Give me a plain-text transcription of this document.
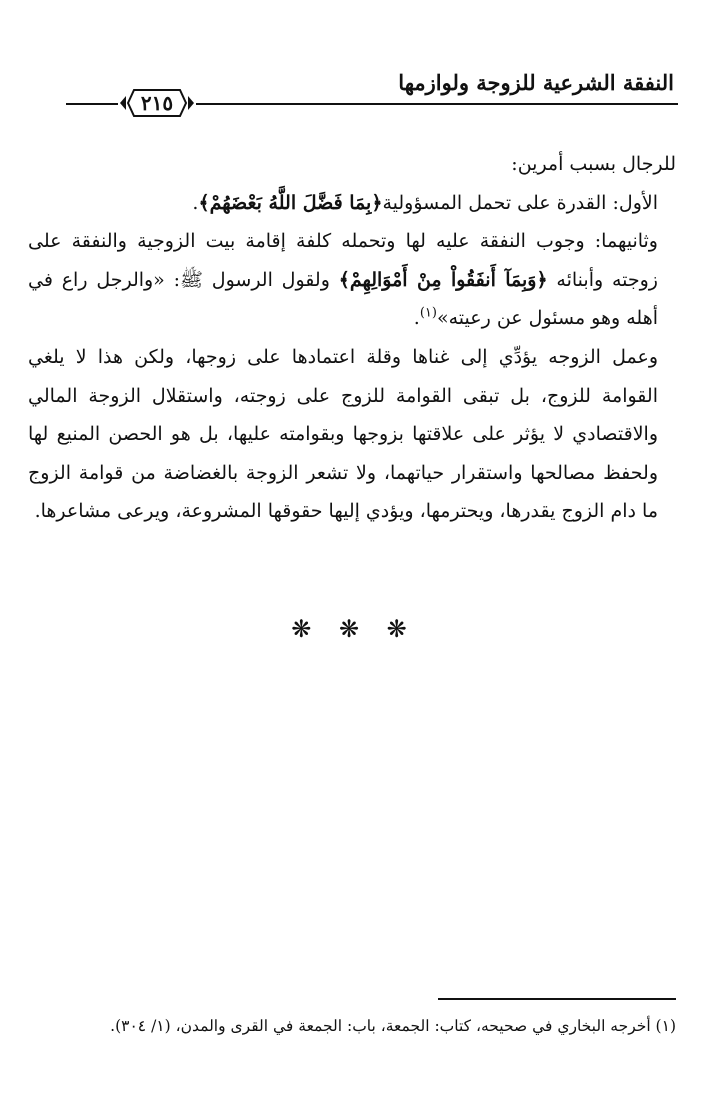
النفقة الشرعية للزوجة ولوازمها
٢١٥

للرجال بسبب أمرين:

الأول: القدرة على تحمل المسؤولية﴿بِمَا فَضَّلَ اللَّهُ بَعْضَهُمْ﴾.

وثانيهما: وجوب النفقة عليه لها وتحمله كلفة إقامة بيت الزوجية والنفقة على زوجته وأبنائه ﴿وَبِمَآ أَنفَقُواْ مِنْ أَمْوَالِهِمْ﴾ ولقول الرسول ﷺ: «والرجل راع في أهله وهو مسئول عن رعيته»$^{(١)}$.

وعمل الزوجه يؤدِّي إلى غناها وقلة اعتمادها على زوجها، ولكن هذا لا يلغي القوامة للزوج، بل تبقى القوامة للزوج على زوجته، واستقلال الزوجة المالي والاقتصادي لا يؤثر على علاقتها بزوجها وبقوامته عليها، بل هو الحصن المنيع لها ولحفظ مصالحها واستقرار حياتهما، ولا تشعر الزوجة بالغضاضة من قوامة الزوج ما دام الزوج يقدرها، ويحترمها، ويؤدي إليها حقوقها المشروعة، ويرعى مشاعرها.

❋ ❋ ❋
(١) أخرجه البخاري في صحيحه، كتاب: الجمعة، باب: الجمعة في القرى والمدن، (١/ ٣٠٤).
